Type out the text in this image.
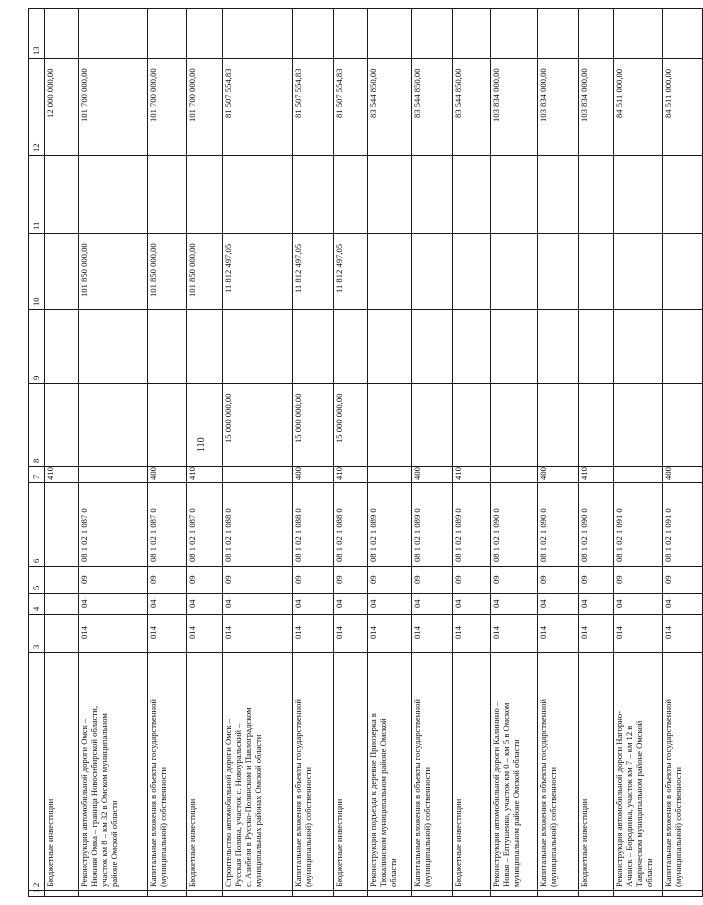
110
1
2
3
4
5
6
7
8
9
10
11
12
13
Бюджетные инвестиции
410
12 000 000,00
Реконструкция автомобильной дороги Омск – Нижняя Омка – граница Новосибирской области, участок км 8 – км 32 в Омском муниципальном районе Омской области
014
04
09
08 1 02 1 087 0
101 850 000,00
101 700 000,00
Капитальные вложения в объекты государственной (муниципальной) собственности
014
04
09
400
08 1 02 1 087 0
101 850 000,00
101 700 000,00
Бюджетные инвестиции
014
04
09
410
08 1 02 1 087 0
101 850 000,00
101 700 000,00
Строительство автомобильной дороги Омск – Русская Поляна, участок с. Новоуральский – с. Азибеля в Русско-Полянском и Павлоградском муниципальных районах Омской области
014
04
09
08 1 02 1 088 0
15 000 000,00
11 812 497,05
81 507 554,83
Капитальные вложения в объекты государственной (муниципальной) собственности
014
04
09
400
08 1 02 1 088 0
15 000 000,00
11 812 497,05
81 507 554,83
Бюджетные инвестиции
014
04
09
410
08 1 02 1 088 0
15 000 000,00
11 812 497,05
81 507 554,83
Реконструкция подъезда к деревне Приозерка в Тюкалинском муниципальном районе Омской области
014
04
09
08 1 02 1 089 0
83 544 850,00
Капитальные вложения в объекты государственной (муниципальной) собственности
014
04
09
400
08 1 02 1 089 0
83 544 850,00
Бюджетные инвестиции
014
04
09
410
08 1 02 1 089 0
83 544 850,00
Реконструкция автомобильной дороги Калинино – Новая – Ептушенко, участок км 0 – км 5 в Омском муниципальном районе Омской области
014
04
09
08 1 02 1 090 0
103 834 000,00
Капитальные вложения в объекты государственной (муниципальной) собственности
014
04
09
400
08 1 02 1 090 0
103 834 000,00
Бюджетные инвестиции
014
04
09
410
08 1 02 1 090 0
103 834 000,00
Реконструкция автомобильной дороги Нагорно- Ачинск – Бородинка, участок км 7 – км 12 в Таврическом муниципальном районе Омской области
014
04
09
08 1 02 1 091 0
84 511 000,00
Капитальные вложения в объекты государственной (муниципальной) собственности
014
04
09
400
08 1 02 1 091 0
84 511 000,00
